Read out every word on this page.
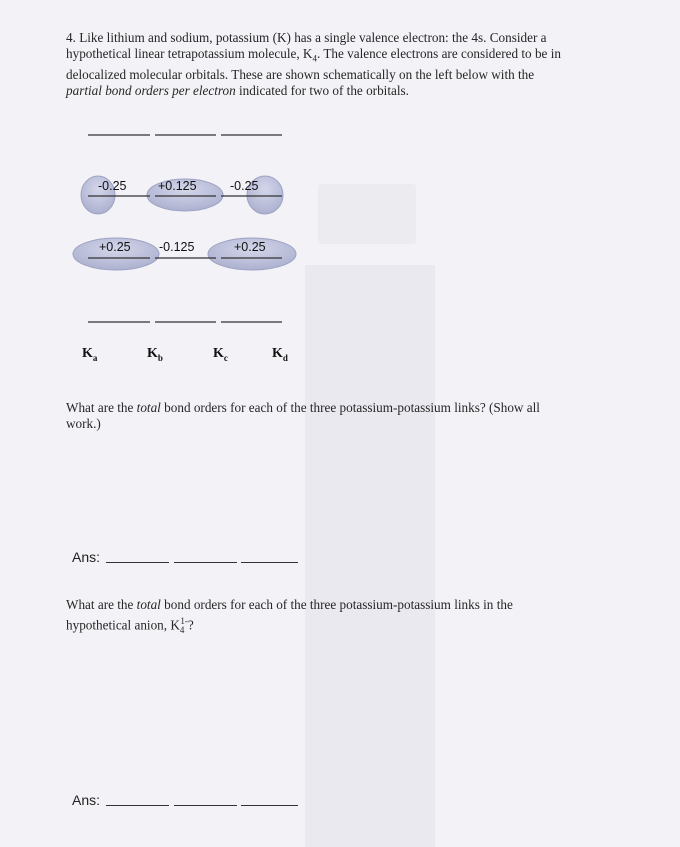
4. Like lithium and sodium, potassium (K) has a single valence electron: the 4s. Consider a
hypothetical linear tetrapotassium molecule, $K_4$. The valence electrons are considered to be in
delocalized molecular orbitals. These are shown schematically on the left below with the
partial bond orders per electron indicated for two of the orbitals.
-0.25	+0.125	-0.25
+0.25 -0.125	+0.25
$K_a$	$K_b$	$K_c$	$K_d$
What are the total bond orders for each of the three potassium-potassium links? (Show all
work.)
Ans:
What are the total bond orders for each of the three potassium-potassium links in the
hypothetical anion, $K_4^{1-}$?
Ans:
